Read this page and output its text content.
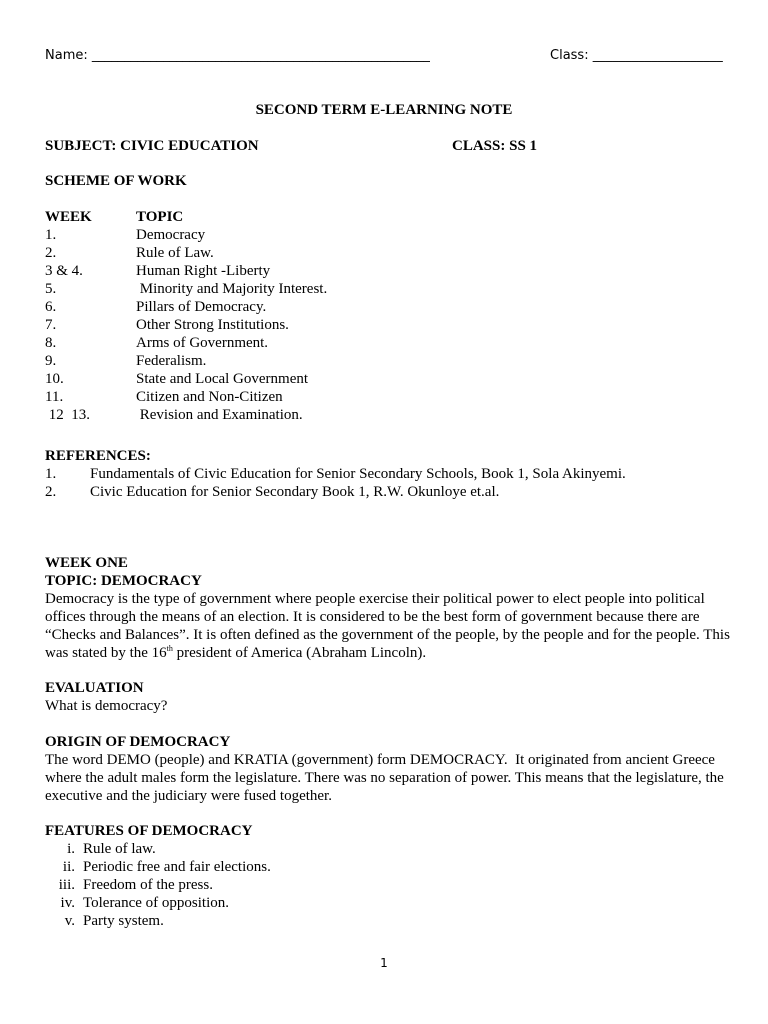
Name: ____________________________________________________	Class: ____________________
SECOND TERM E-LEARNING NOTE
SUBJECT: CIVIC EDUCATION	CLASS: SS 1
SCHEME OF WORK
WEEK	TOPIC
1.	Democracy
2.	Rule of Law.
3 & 4.	Human Right -Liberty
5.	Minority and Majority Interest.
6.	Pillars of Democracy.
7.	Other Strong Institutions.
8.	Arms of Government.
9.	Federalism.
10.	State and Local Government
11.	Citizen and Non-Citizen
12  13.	Revision and Examination.
REFERENCES:
1. Fundamentals of Civic Education for Senior Secondary Schools, Book 1, Sola Akinyemi.
2. Civic Education for Senior Secondary Book 1, R.W. Okunloye et.al.
WEEK ONE
TOPIC: DEMOCRACY

Democracy is the type of government where people exercise their political power to elect people into political offices through the means of an election. It is considered to be the best form of government because there are “Checks and Balances”. It is often defined as the government of the people, by the people and for the people. This was stated by the 16th president of America (Abraham Lincoln).

EVALUATION
What is democracy?
ORIGIN OF DEMOCRACY

The word DEMO (people) and KRATIA (government) form DEMOCRACY.  It originated from ancient Greece where the adult males form the legislature. There was no separation of power. This means that the legislature, the executive and the judiciary were fused together.

FEATURES OF DEMOCRACY
i. Rule of law.
ii. Periodic free and fair elections.
iii. Freedom of the press.
iv. Tolerance of opposition.
v. Party system.
1
